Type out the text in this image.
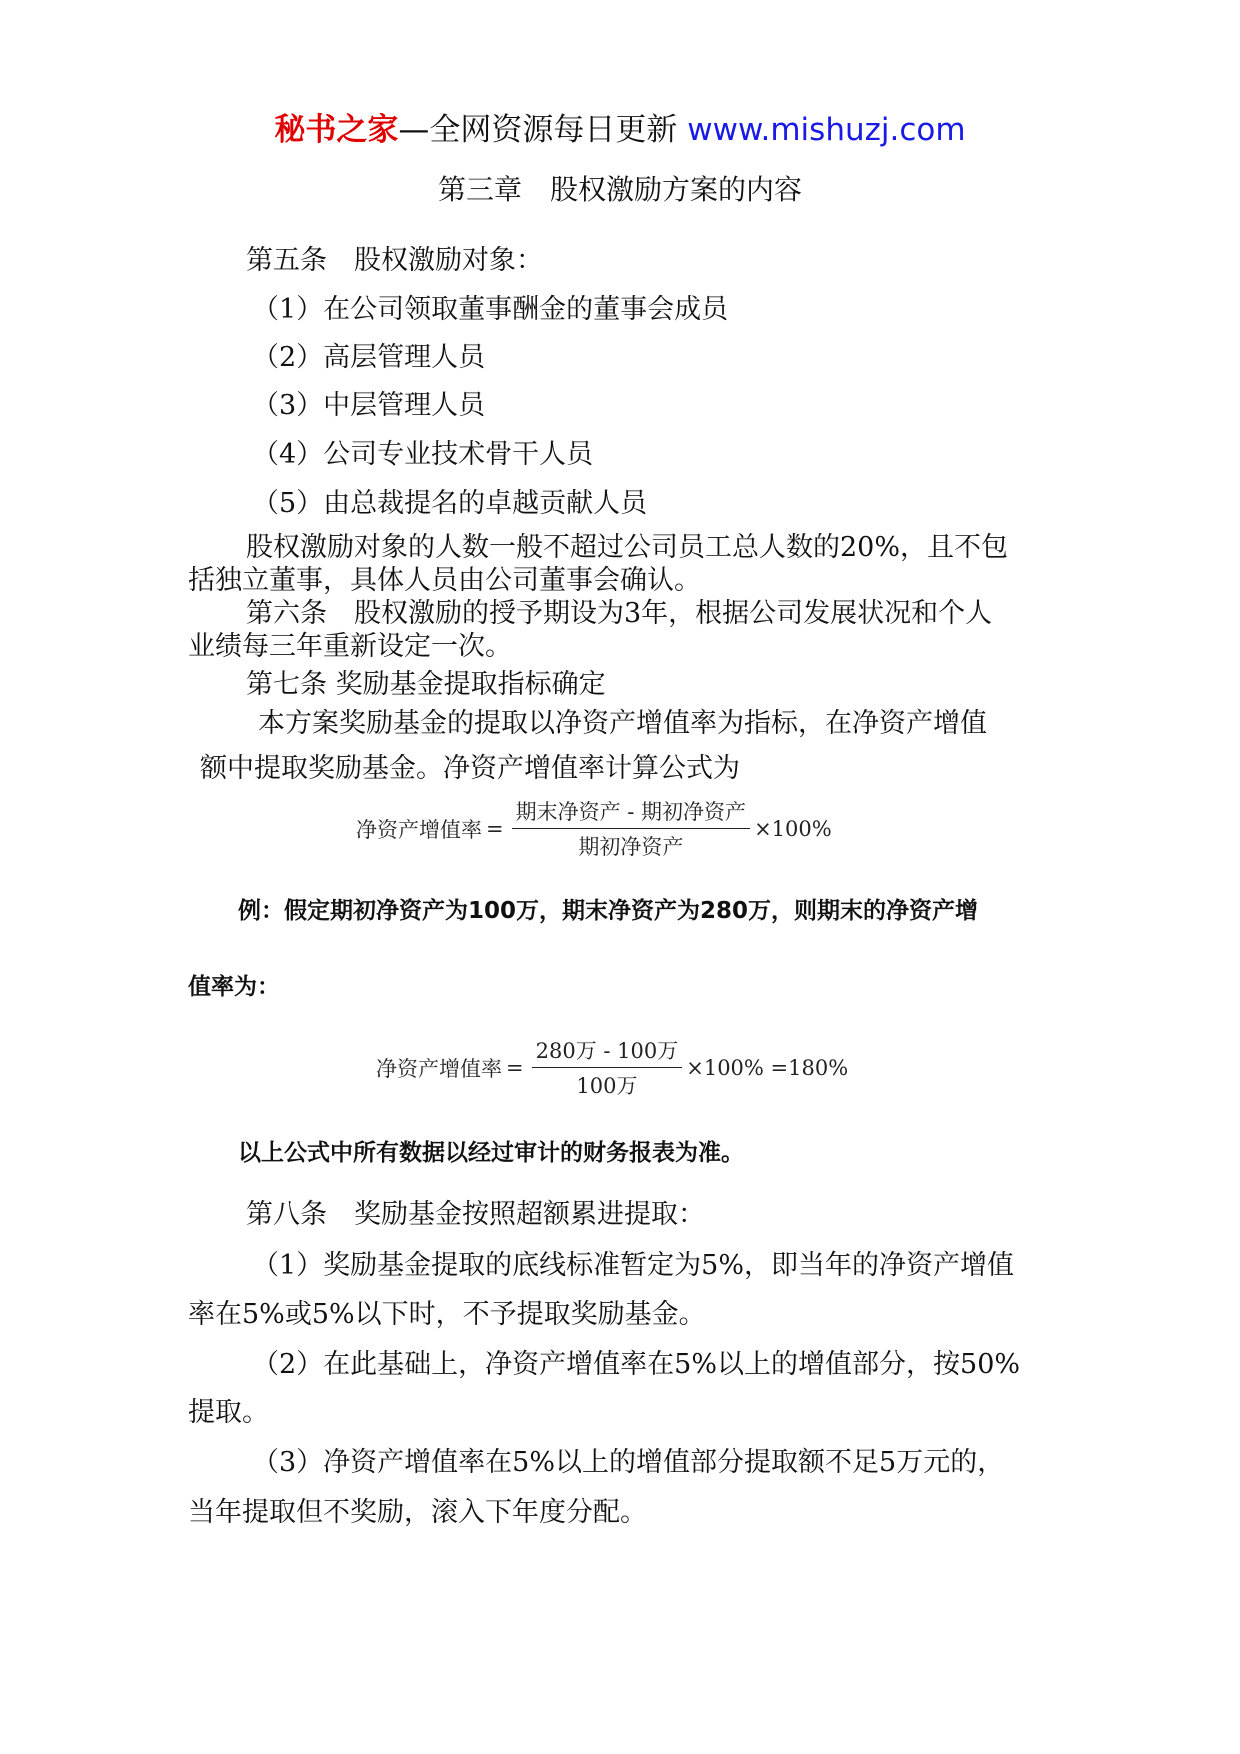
秘书之家—全网资源每日更新 www.mishuzj.com
第三章　股权激励方案的内容
第五条　股权激励对象：
（1）在公司领取董事酬金的董事会成员
（2）高层管理人员
（3）中层管理人员
（4）公司专业技术骨干人员
（5）由总裁提名的卓越贡献人员
股权激励对象的人数一般不超过公司员工总人数的20%，且不包括独立董事，具体人员由公司董事会确认。
第六条　股权激励的授予期设为3年，根据公司发展状况和个人业绩每三年重新设定一次。
第七条 奖励基金提取指标确定
本方案奖励基金的提取以净资产增值率为指标，在净资产增值
额中提取奖励基金。净资产增值率计算公式为
净资产增值率 = $\frac{\text{期末净资产 - 期初净资产}}{\text{期初净资产}} \times 100\%$
例：假定期初净资产为100万，期末净资产为280万，则期末的净资产增
值率为：
净资产增值率 = $\frac{\text{280万 - 100万}}{\text{100万}} \times 100\% =180\%$
以上公式中所有数据以经过审计的财务报表为准。
第八条　奖励基金按照超额累进提取：
（1）奖励基金提取的底线标准暂定为5%，即当年的净资产增值
率在5%或5%以下时，不予提取奖励基金。
（2）在此基础上，净资产增值率在5%以上的增值部分，按50%
提取。
（3）净资产增值率在5%以上的增值部分提取额不足5万元的，
当年提取但不奖励，滚入下年度分配。
